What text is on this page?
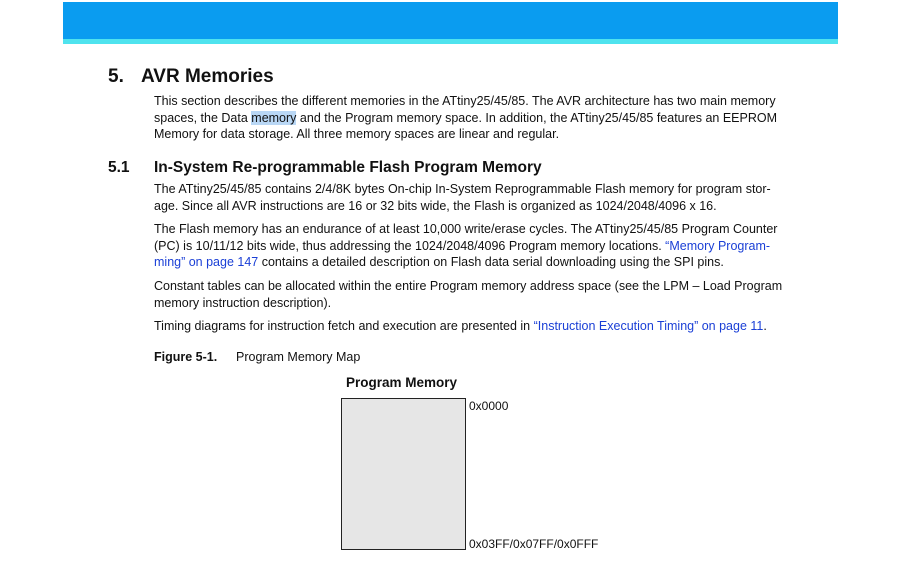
5. AVR Memories

This section describes the different memories in the ATtiny25/45/85. The AVR architecture has two main memory
spaces, the Data memory and the Program memory space. In addition, the ATtiny25/45/85 features an EEPROM
Memory for data storage. All three memory spaces are linear and regular.

5.1 In-System Re-programmable Flash Program Memory

The ATtiny25/45/85 contains 2/4/8K bytes On-chip In-System Reprogrammable Flash memory for program stor-
age. Since all AVR instructions are 16 or 32 bits wide, the Flash is organized as 1024/2048/4096 x 16.

The Flash memory has an endurance of at least 10,000 write/erase cycles. The ATtiny25/45/85 Program Counter
(PC) is 10/11/12 bits wide, thus addressing the 1024/2048/4096 Program memory locations. “Memory Program-
ming” on page 147 contains a detailed description on Flash data serial downloading using the SPI pins.

Constant tables can be allocated within the entire Program memory address space (see the LPM – Load Program
memory instruction description).

Timing diagrams for instruction fetch and execution are presented in “Instruction Execution Timing” on page 11.

Figure 5-1. Program Memory Map
Program Memory
0x0000
0x03FF/0x07FF/0x0FFF
